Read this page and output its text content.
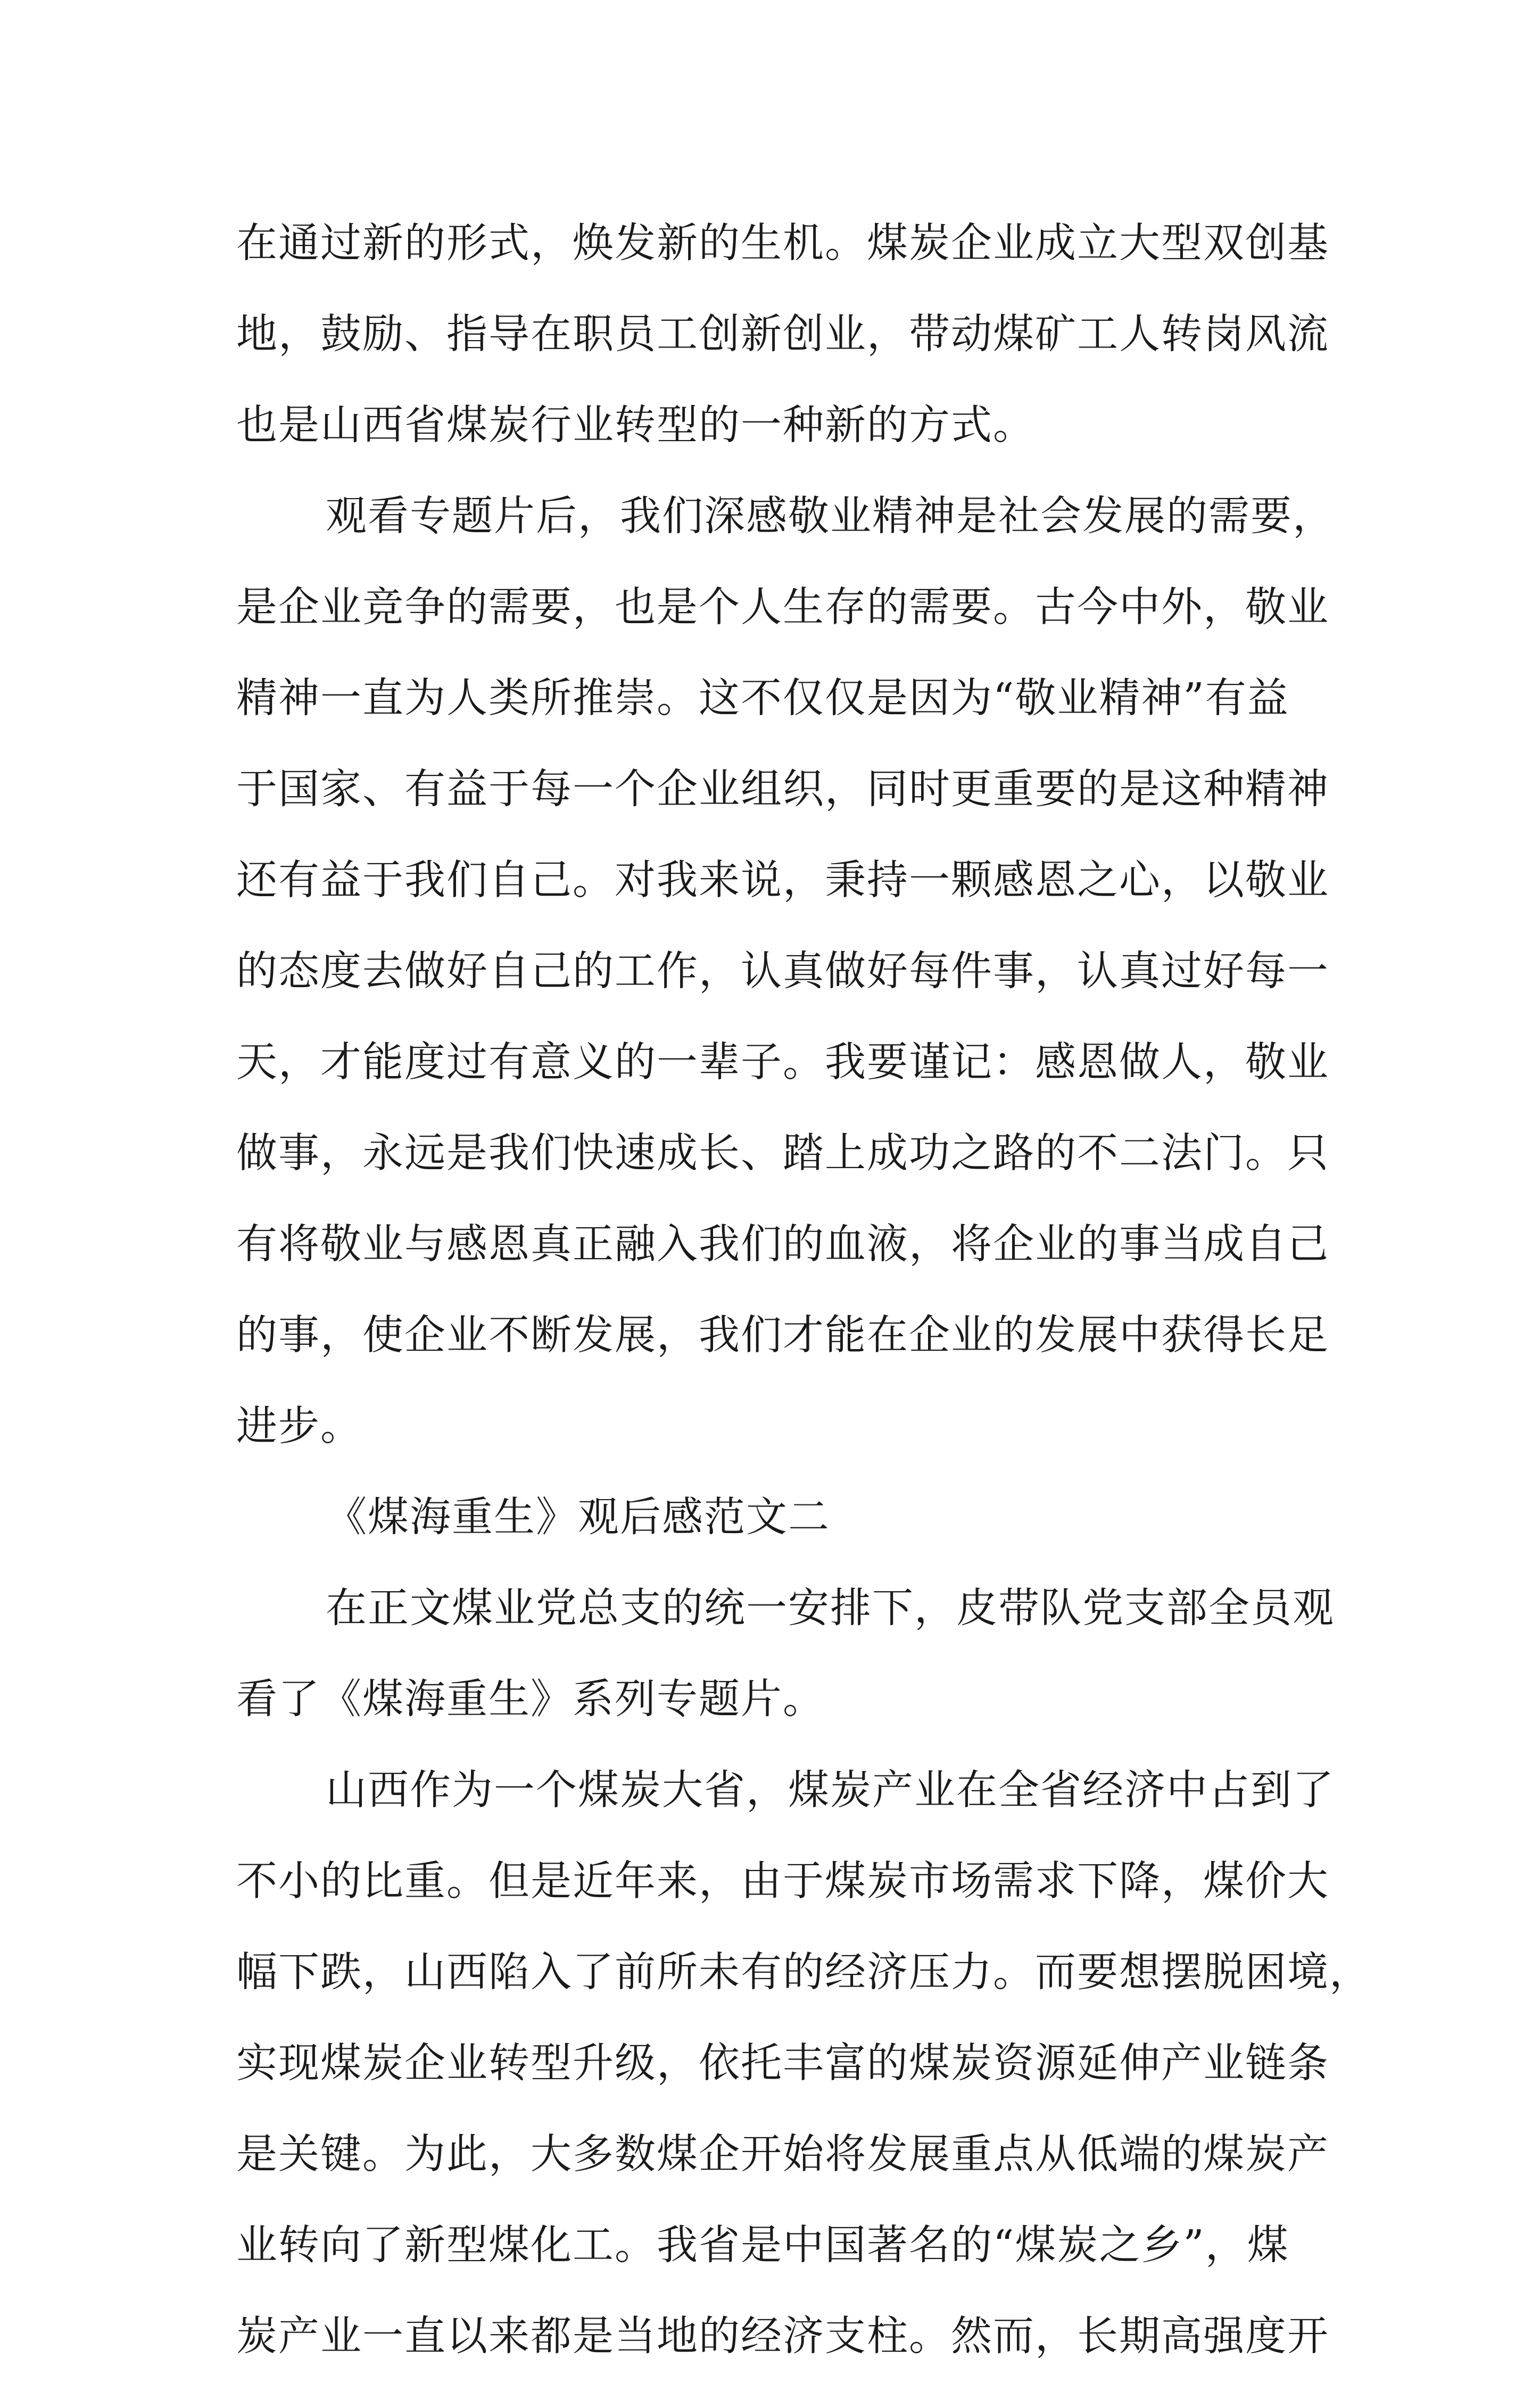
在通过新的形式，焕发新的生机。煤炭企业成立大型双创基
地，鼓励、指导在职员工创新创业，带动煤矿工人转岗风流
也是山西省煤炭行业转型的一种新的方式。
观看专题片后，我们深感敬业精神是社会发展的需要，
是企业竞争的需要，也是个人生存的需要。古今中外，敬业
精神一直为人类所推崇。这不仅仅是因为“敬业精神”有益
于国家、有益于每一个企业组织，同时更重要的是这种精神
还有益于我们自己。对我来说，秉持一颗感恩之心，以敬业
的态度去做好自己的工作，认真做好每件事，认真过好每一
天，才能度过有意义的一辈子。我要谨记：感恩做人，敬业
做事，永远是我们快速成长、踏上成功之路的不二法门。只
有将敬业与感恩真正融入我们的血液，将企业的事当成自己
的事，使企业不断发展，我们才能在企业的发展中获得长足
进步。
《煤海重生》观后感范文二
在正文煤业党总支的统一安排下，皮带队党支部全员观
看了《煤海重生》系列专题片。
山西作为一个煤炭大省，煤炭产业在全省经济中占到了
不小的比重。但是近年来，由于煤炭市场需求下降，煤价大
幅下跌，山西陷入了前所未有的经济压力。而要想摆脱困境，
实现煤炭企业转型升级，依托丰富的煤炭资源延伸产业链条
是关键。为此，大多数煤企开始将发展重点从低端的煤炭产
业转向了新型煤化工。我省是中国著名的“煤炭之乡”，煤
炭产业一直以来都是当地的经济支柱。然而，长期高强度开
